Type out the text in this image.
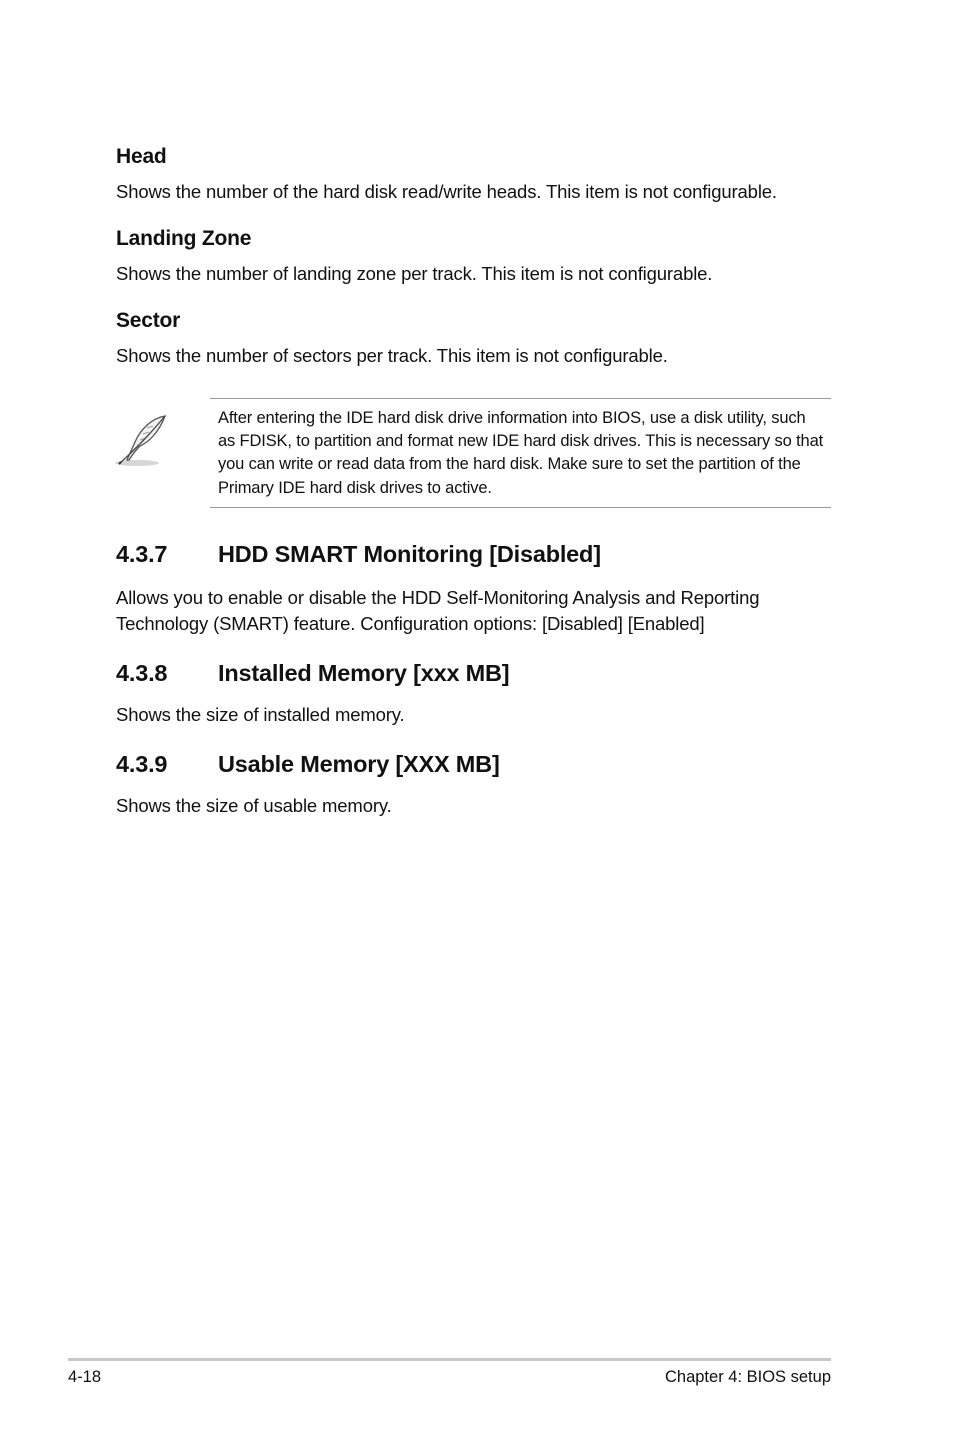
Head

Shows the number of the hard disk read/write heads. This item is not configurable.

Landing Zone

Shows the number of landing zone per track. This item is not configurable.

Sector

Shows the number of sectors per track. This item is not configurable.

After entering the IDE hard disk drive information into BIOS, use a disk utility, such as FDISK, to partition and format new IDE hard disk drives. This is necessary so that you can write or read data from the hard disk. Make sure to set the partition of the Primary IDE hard disk drives to active.

4.3.7 HDD SMART Monitoring [Disabled]

Allows you to enable or disable the HDD Self-Monitoring Analysis and Reporting Technology (SMART) feature. Configuration options: [Disabled] [Enabled]

4.3.8 Installed Memory [xxx MB]

Shows the size of installed memory.

4.3.9 Usable Memory [XXX MB]

Shows the size of usable memory.

4-18	Chapter 4: BIOS setup
